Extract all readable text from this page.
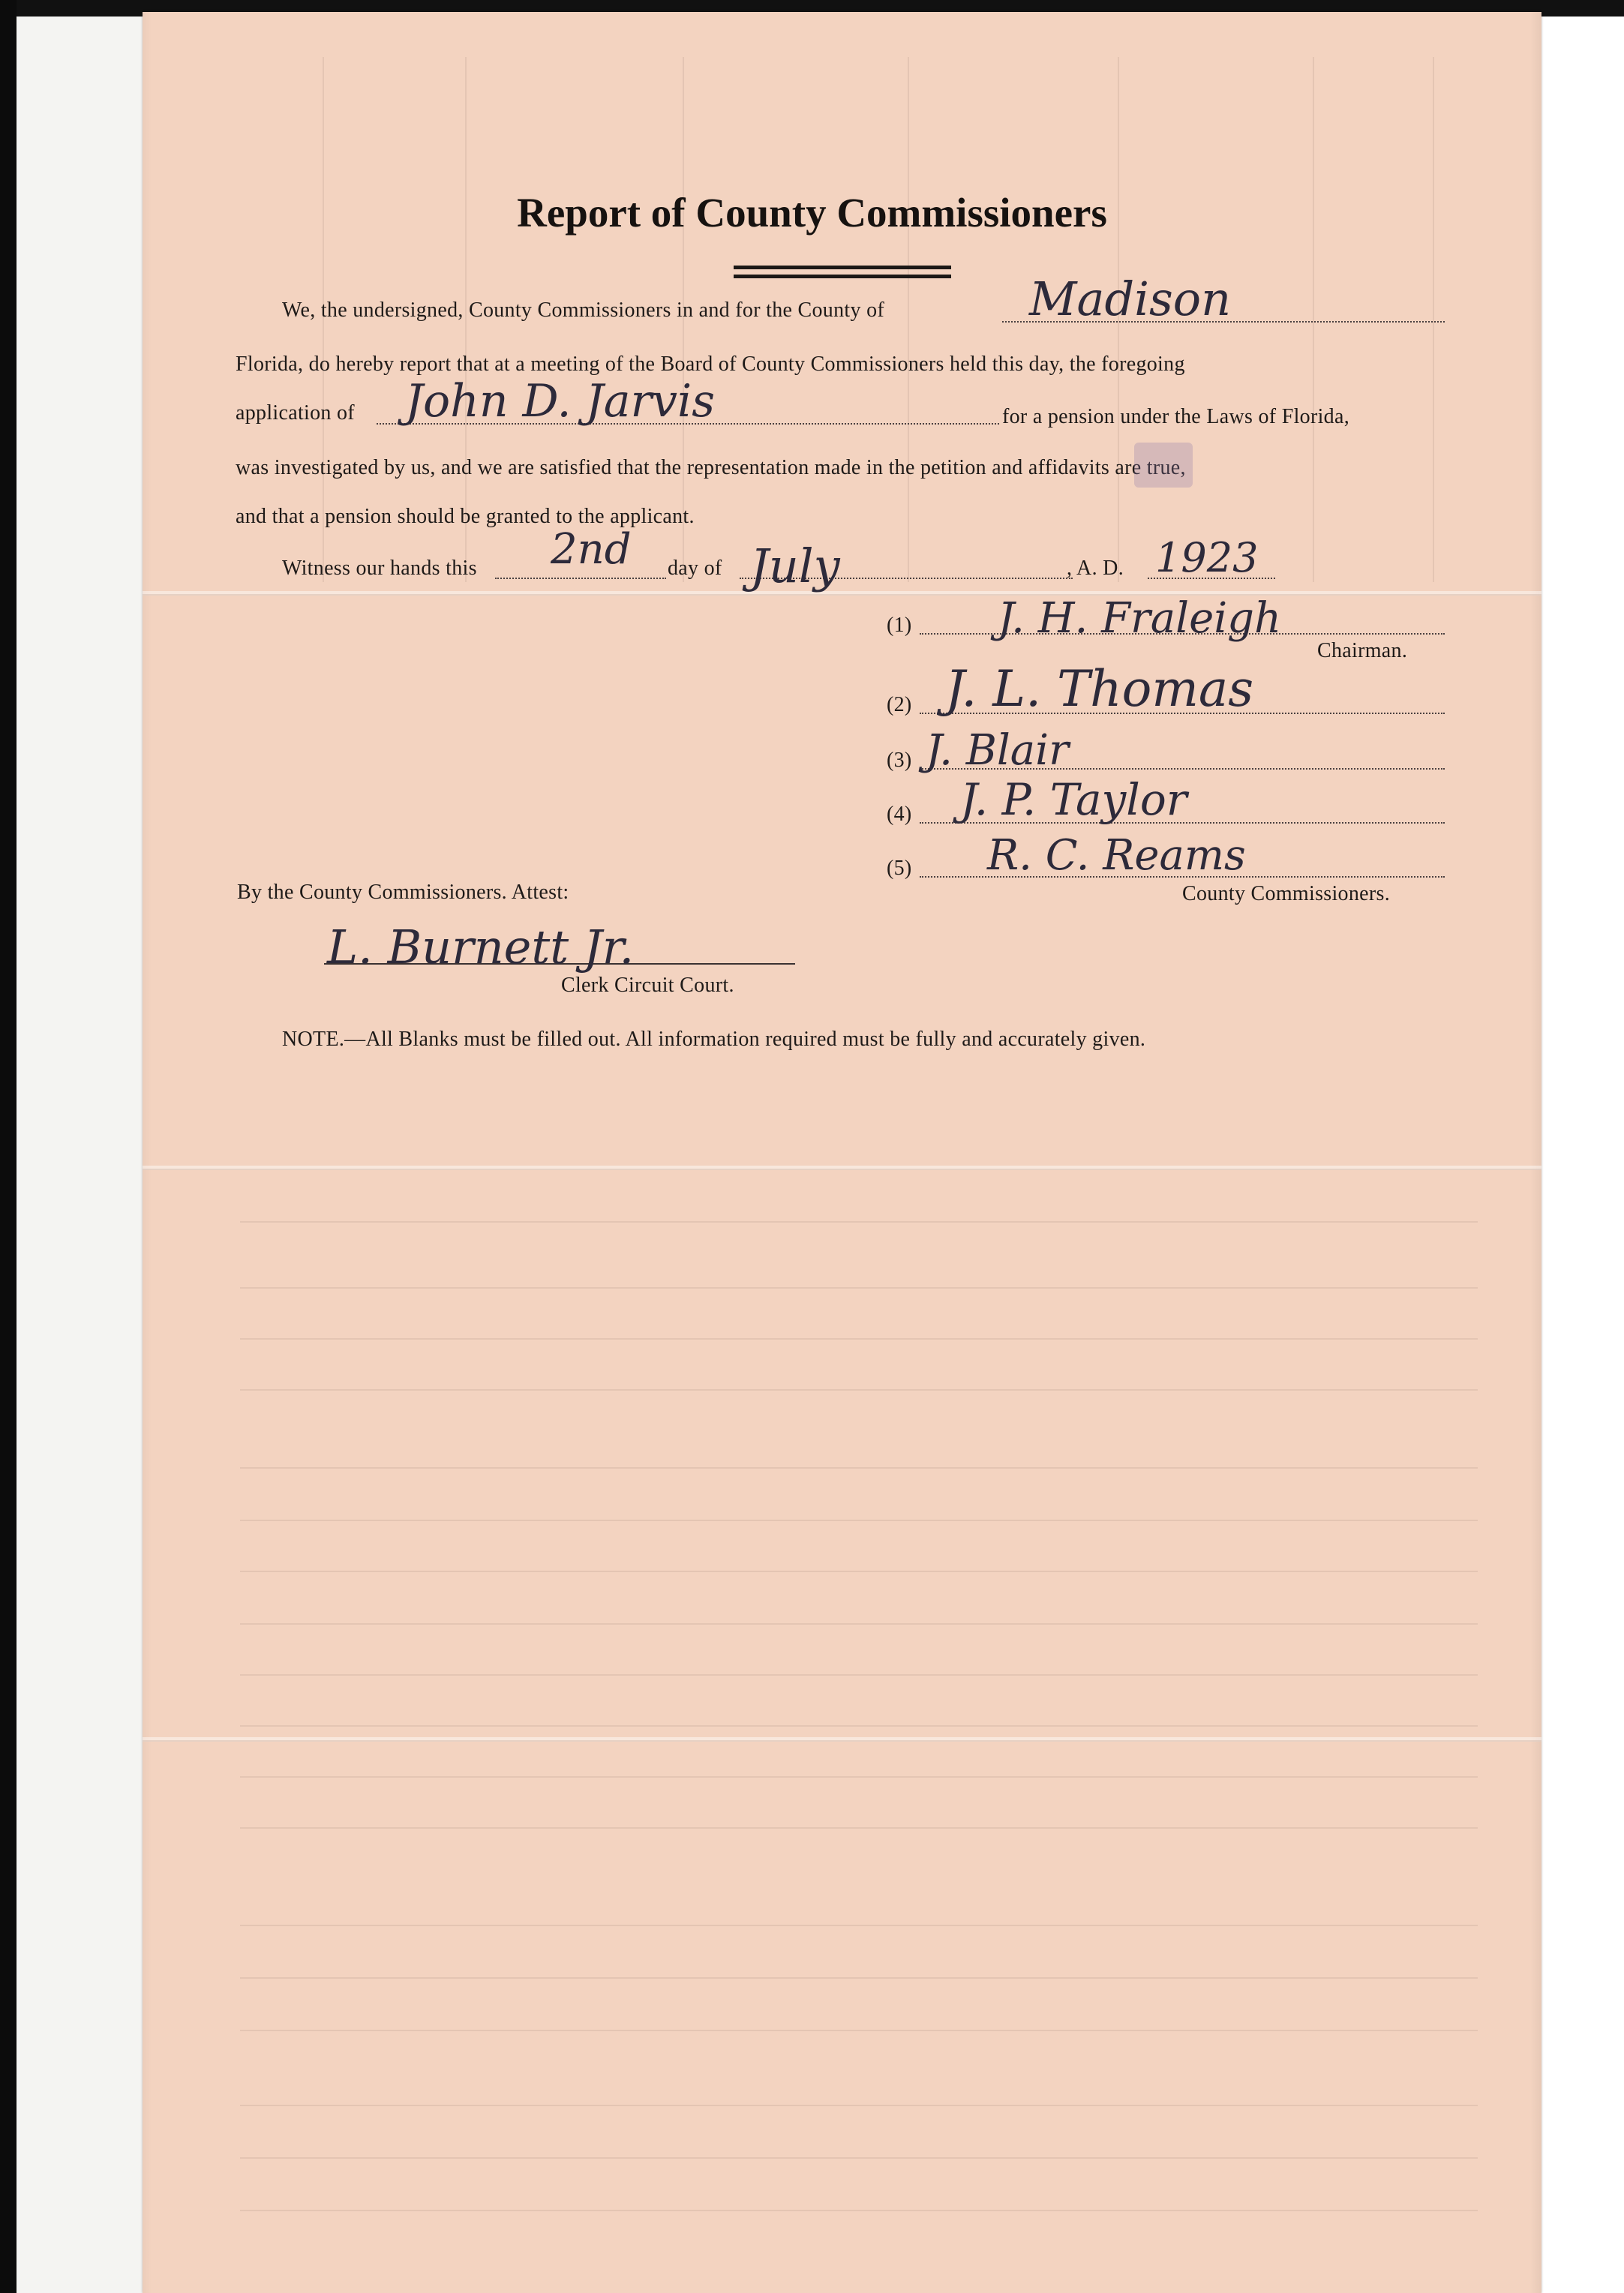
Report of County Commissioners
We, the undersigned, County Commissioners in and for the County of	Madison
Florida, do hereby report that at a meeting of the Board of County Commissioners held this day, the foregoing
application of John D. Jarvis	for a pension under the Laws of Florida,
was investigated by us, and we are satisfied that the representation made in the petition and affidavits are true,
and that a pension should be granted to the applicant.
Witness our hands this 2nd day of July	, A. D. 1923
(1) J. H. Fraleigh
Chairman.
(2) J. L. Thomas
(3) J. Blair
(4) J. P. Taylor
(5) R. C. Reams
County Commissioners.
By the County Commissioners. Attest:
L. Burnett Jr.
Clerk Circuit Court.
NOTE.—All Blanks must be filled out. All information required must be fully and accurately given.
